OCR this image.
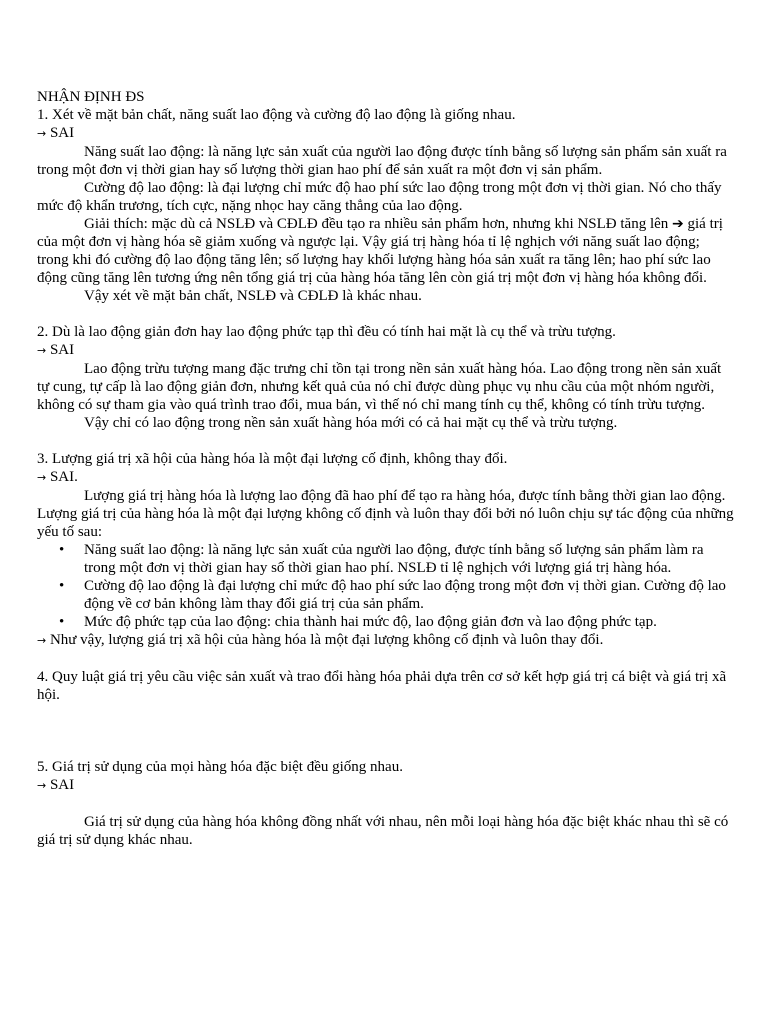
NHẬN ĐỊNH ĐS

1. Xét về mặt bản chất, năng suất lao động và cường độ lao động là giống nhau.

→ SAI

Năng suất lao động: là năng lực sản xuất của người lao động được tính bằng số lượng sản phẩm sản xuất ra trong một đơn vị thời gian hay số lượng thời gian hao phí để sản xuất ra một đơn vị sản phẩm.

Cường độ lao động: là đại lượng chỉ mức độ hao phí sức lao động trong một đơn vị thời gian. Nó cho thấy mức độ khẩn trương, tích cực, nặng nhọc hay căng thẳng của lao động.

Giải thích: mặc dù cả NSLĐ và CĐLĐ đều tạo ra nhiều sản phẩm hơn, nhưng khi NSLĐ tăng lên ➔ giá trị của một đơn vị hàng hóa sẽ giảm xuống và ngược lại. Vậy giá trị hàng hóa tỉ lệ nghịch với năng suất lao động; trong khi đó cường độ lao động tăng lên; số lượng hay khối lượng hàng hóa sản xuất ra tăng lên; hao phí sức lao động cũng tăng lên tương ứng nên tổng giá trị của hàng hóa tăng lên còn giá trị một đơn vị hàng hóa không đổi.

Vậy xét về mặt bản chất, NSLĐ và CĐLĐ là khác nhau.

2. Dù là lao động giản đơn hay lao động phức tạp thì đều có tính hai mặt là cụ thể và trừu tượng.

→ SAI

Lao động trừu tượng mang đặc trưng chỉ tồn tại trong nền sản xuất hàng hóa. Lao động trong nền sản xuất tự cung, tự cấp là lao động giản đơn, nhưng kết quả của nó chỉ được dùng phục vụ nhu cầu của một nhóm người, không có sự tham gia vào quá trình trao đổi, mua bán, vì thế nó chỉ mang tính cụ thể, không có tính trừu tượng.

Vậy chỉ có lao động trong nền sản xuất hàng hóa mới có cả hai mặt cụ thể và trừu tượng.

3. Lượng giá trị xã hội của hàng hóa là một đại lượng cố định, không thay đổi.

→ SAI.

Lượng giá trị hàng hóa là lượng lao động đã hao phí để tạo ra hàng hóa, được tính bằng thời gian lao động. Lượng giá trị của hàng hóa là một đại lượng không cố định và luôn thay đổi bởi nó luôn chịu sự tác động của những yếu tố sau:

• Năng suất lao động: là năng lực sản xuất của người lao động, được tính bằng số lượng sản phẩm làm ra trong một đơn vị thời gian hay số thời gian hao phí. NSLĐ tỉ lệ nghịch với lượng giá trị hàng hóa.
• Cường độ lao động là đại lượng chỉ mức độ hao phí sức lao động trong một đơn vị thời gian. Cường độ lao động về cơ bản không làm thay đổi giá trị của sản phẩm.
• Mức độ phức tạp của lao động: chia thành hai mức độ, lao động giản đơn và lao động phức tạp.

→ Như vậy, lượng giá trị xã hội của hàng hóa là một đại lượng không cố định và luôn thay đổi.

4. Quy luật giá trị yêu cầu việc sản xuất và trao đổi hàng hóa phải dựa trên cơ sở kết hợp giá trị cá biệt và giá trị xã hội.

5. Giá trị sử dụng của mọi hàng hóa đặc biệt đều giống nhau.

→ SAI

Giá trị sử dụng của hàng hóa không đồng nhất với nhau, nên mỗi loại hàng hóa đặc biệt khác nhau thì sẽ có giá trị sử dụng khác nhau.
